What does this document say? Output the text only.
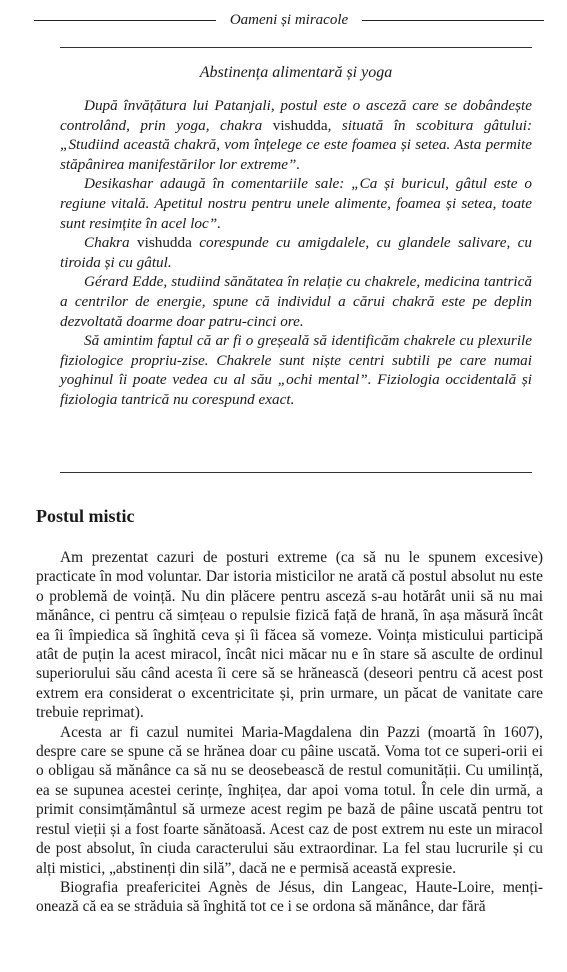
Oameni și miracole
Abstinența alimentară și yoga

După învățătura lui Patanjali, postul este o asceză care se dobândește controlând, prin yoga, chakra vishudda, situată în scobitura gâtului: „Studiind această chakră, vom înțelege ce este foamea și setea. Asta permite stăpânirea manifestărilor lor extreme”.

Desikashar adaugă în comentariile sale: „Ca și buricul, gâtul este o regiune vitală. Apetitul nostru pentru unele alimente, foamea și setea, toate sunt resimțite în acel loc”.

Chakra vishudda corespunde cu amigdalele, cu glandele salivare, cu tiroida și cu gâtul.

Gérard Edde, studiind sănătatea în relație cu chakrele, medicina tantrică a centrilor de energie, spune că individul a cărui chakră este pe deplin dezvoltată doarme doar patru-cinci ore.

Să amintim faptul că ar fi o greșeală să identificăm chakrele cu plexurile fiziologice propriu-zise. Chakrele sunt niște centri subtili pe care numai yoghinul îi poate vedea cu al său „ochi mental”. Fiziologia occidentală și fiziologia tantrică nu corespund exact.

Postul mistic

Am prezentat cazuri de posturi extreme (ca să nu le spunem excesive) practicate în mod voluntar. Dar istoria misticilor ne arată că postul absolut nu este o problemă de voință. Nu din plăcere pentru asceză s-au hotărât unii să nu mai mănânce, ci pentru că simțeau o repulsie fizică față de hrană, în așa măsură încât ea îi împiedica să înghită ceva și îi făcea să vomeze. Voința misticului participă atât de puțin la acest miracol, încât nici măcar nu e în stare să asculte de ordinul superiorului său când acesta îi cere să se hrănească (deseori pentru că acest post extrem era considerat o excentricitate și, prin urmare, un păcat de vanitate care trebuie reprimat).

Acesta ar fi cazul numitei Maria-Magdalena din Pazzi (moartă în 1607), despre care se spune că se hrănea doar cu pâine uscată. Voma tot ce superi-orii ei o obligau să mănânce ca să nu se deosebească de restul comunității. Cu umilință, ea se supunea acestei cerințe, înghițea, dar apoi voma totul. În cele din urmă, a primit consimțământul să urmeze acest regim pe bază de pâine uscată pentru tot restul vieții și a fost foarte sănătoasă. Acest caz de post extrem nu este un miracol de post absolut, în ciuda caracterului său extraordinar. La fel stau lucrurile și cu alți mistici, „abstinenți din silă”, dacă ne e permisă această expresie.

Biografia preafericitei Agnès de Jésus, din Langeac, Haute-Loire, menți-onează că ea se străduia să înghită tot ce i se ordona să mănânce, dar fără
